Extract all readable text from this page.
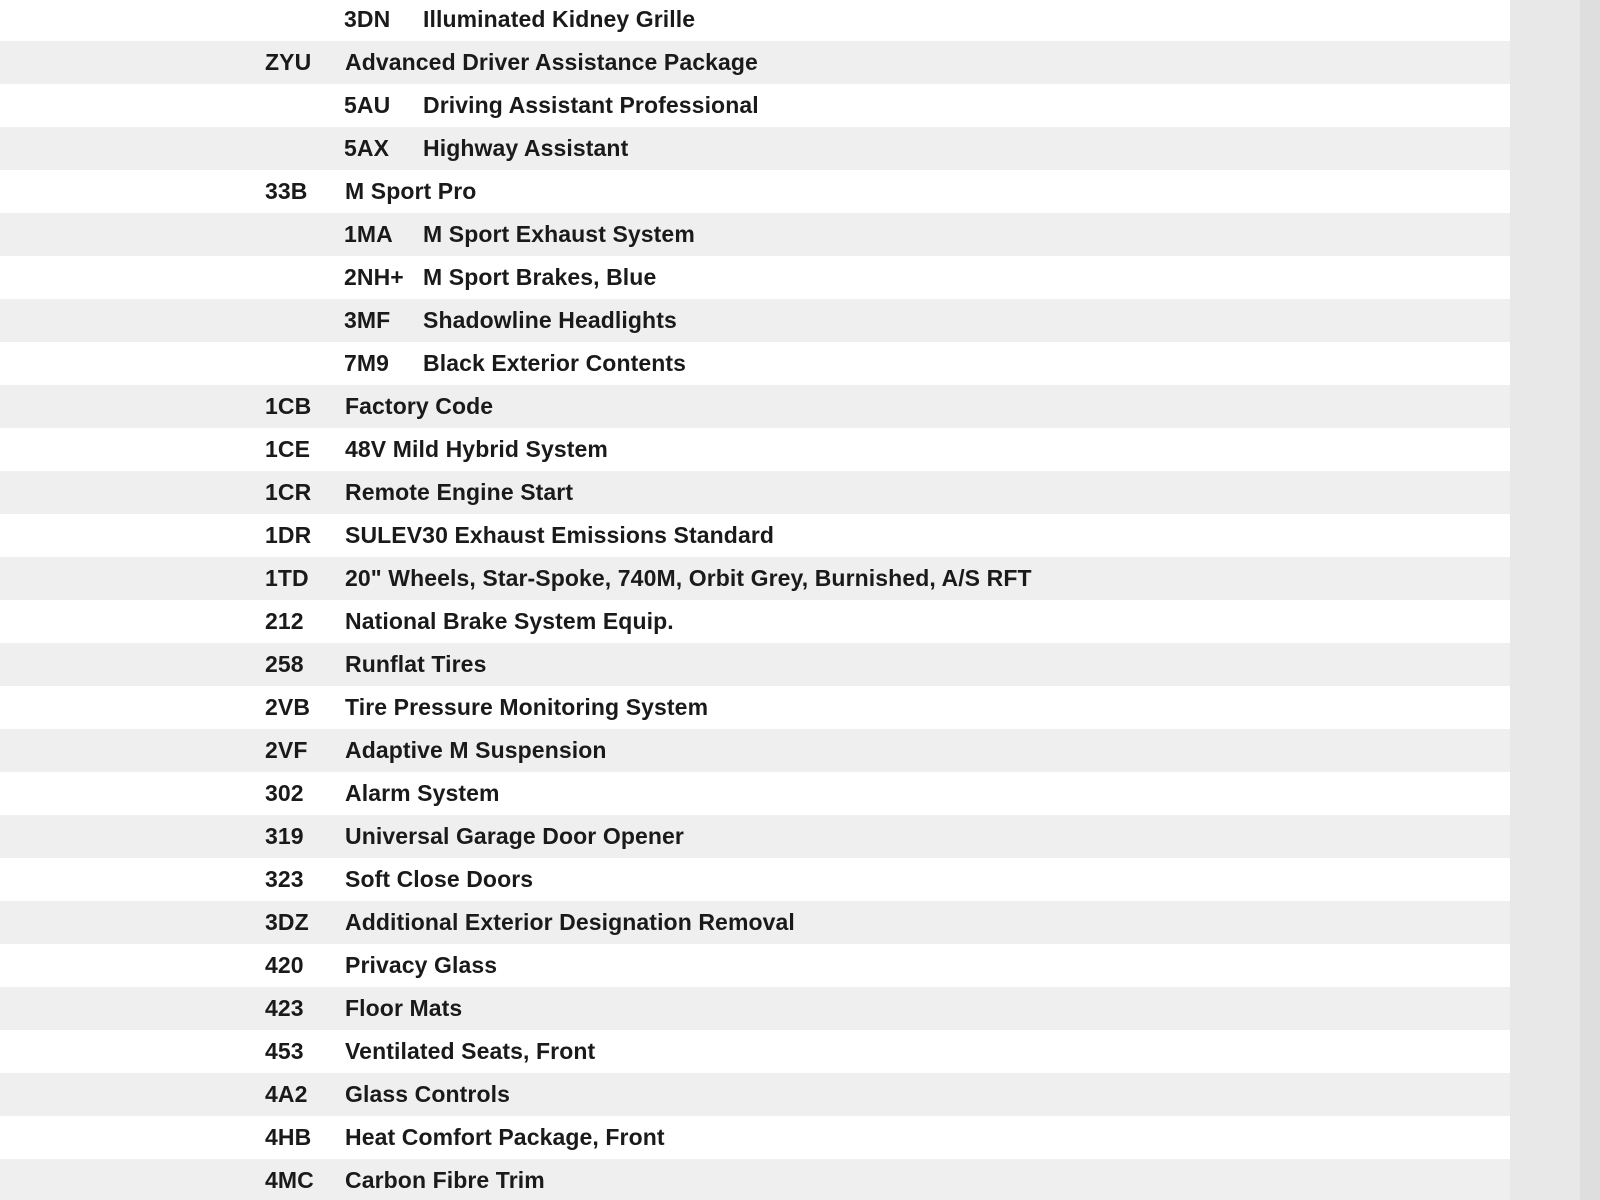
3DN Illuminated Kidney Grille
ZYU Advanced Driver Assistance Package
5AU Driving Assistant Professional
5AX Highway Assistant
33B M Sport Pro
1MA M Sport Exhaust System
2NH+ M Sport Brakes, Blue
3MF Shadowline Headlights
7M9 Black Exterior Contents
1CB Factory Code
1CE 48V Mild Hybrid System
1CR Remote Engine Start
1DR SULEV30 Exhaust Emissions Standard
1TD 20" Wheels, Star-Spoke, 740M, Orbit Grey, Burnished, A/S RFT
212 National Brake System Equip.
258 Runflat Tires
2VB Tire Pressure Monitoring System
2VF Adaptive M Suspension
302 Alarm System
319 Universal Garage Door Opener
323 Soft Close Doors
3DZ Additional Exterior Designation Removal
420 Privacy Glass
423 Floor Mats
453 Ventilated Seats, Front
4A2 Glass Controls
4HB Heat Comfort Package, Front
4MC Carbon Fibre Trim
